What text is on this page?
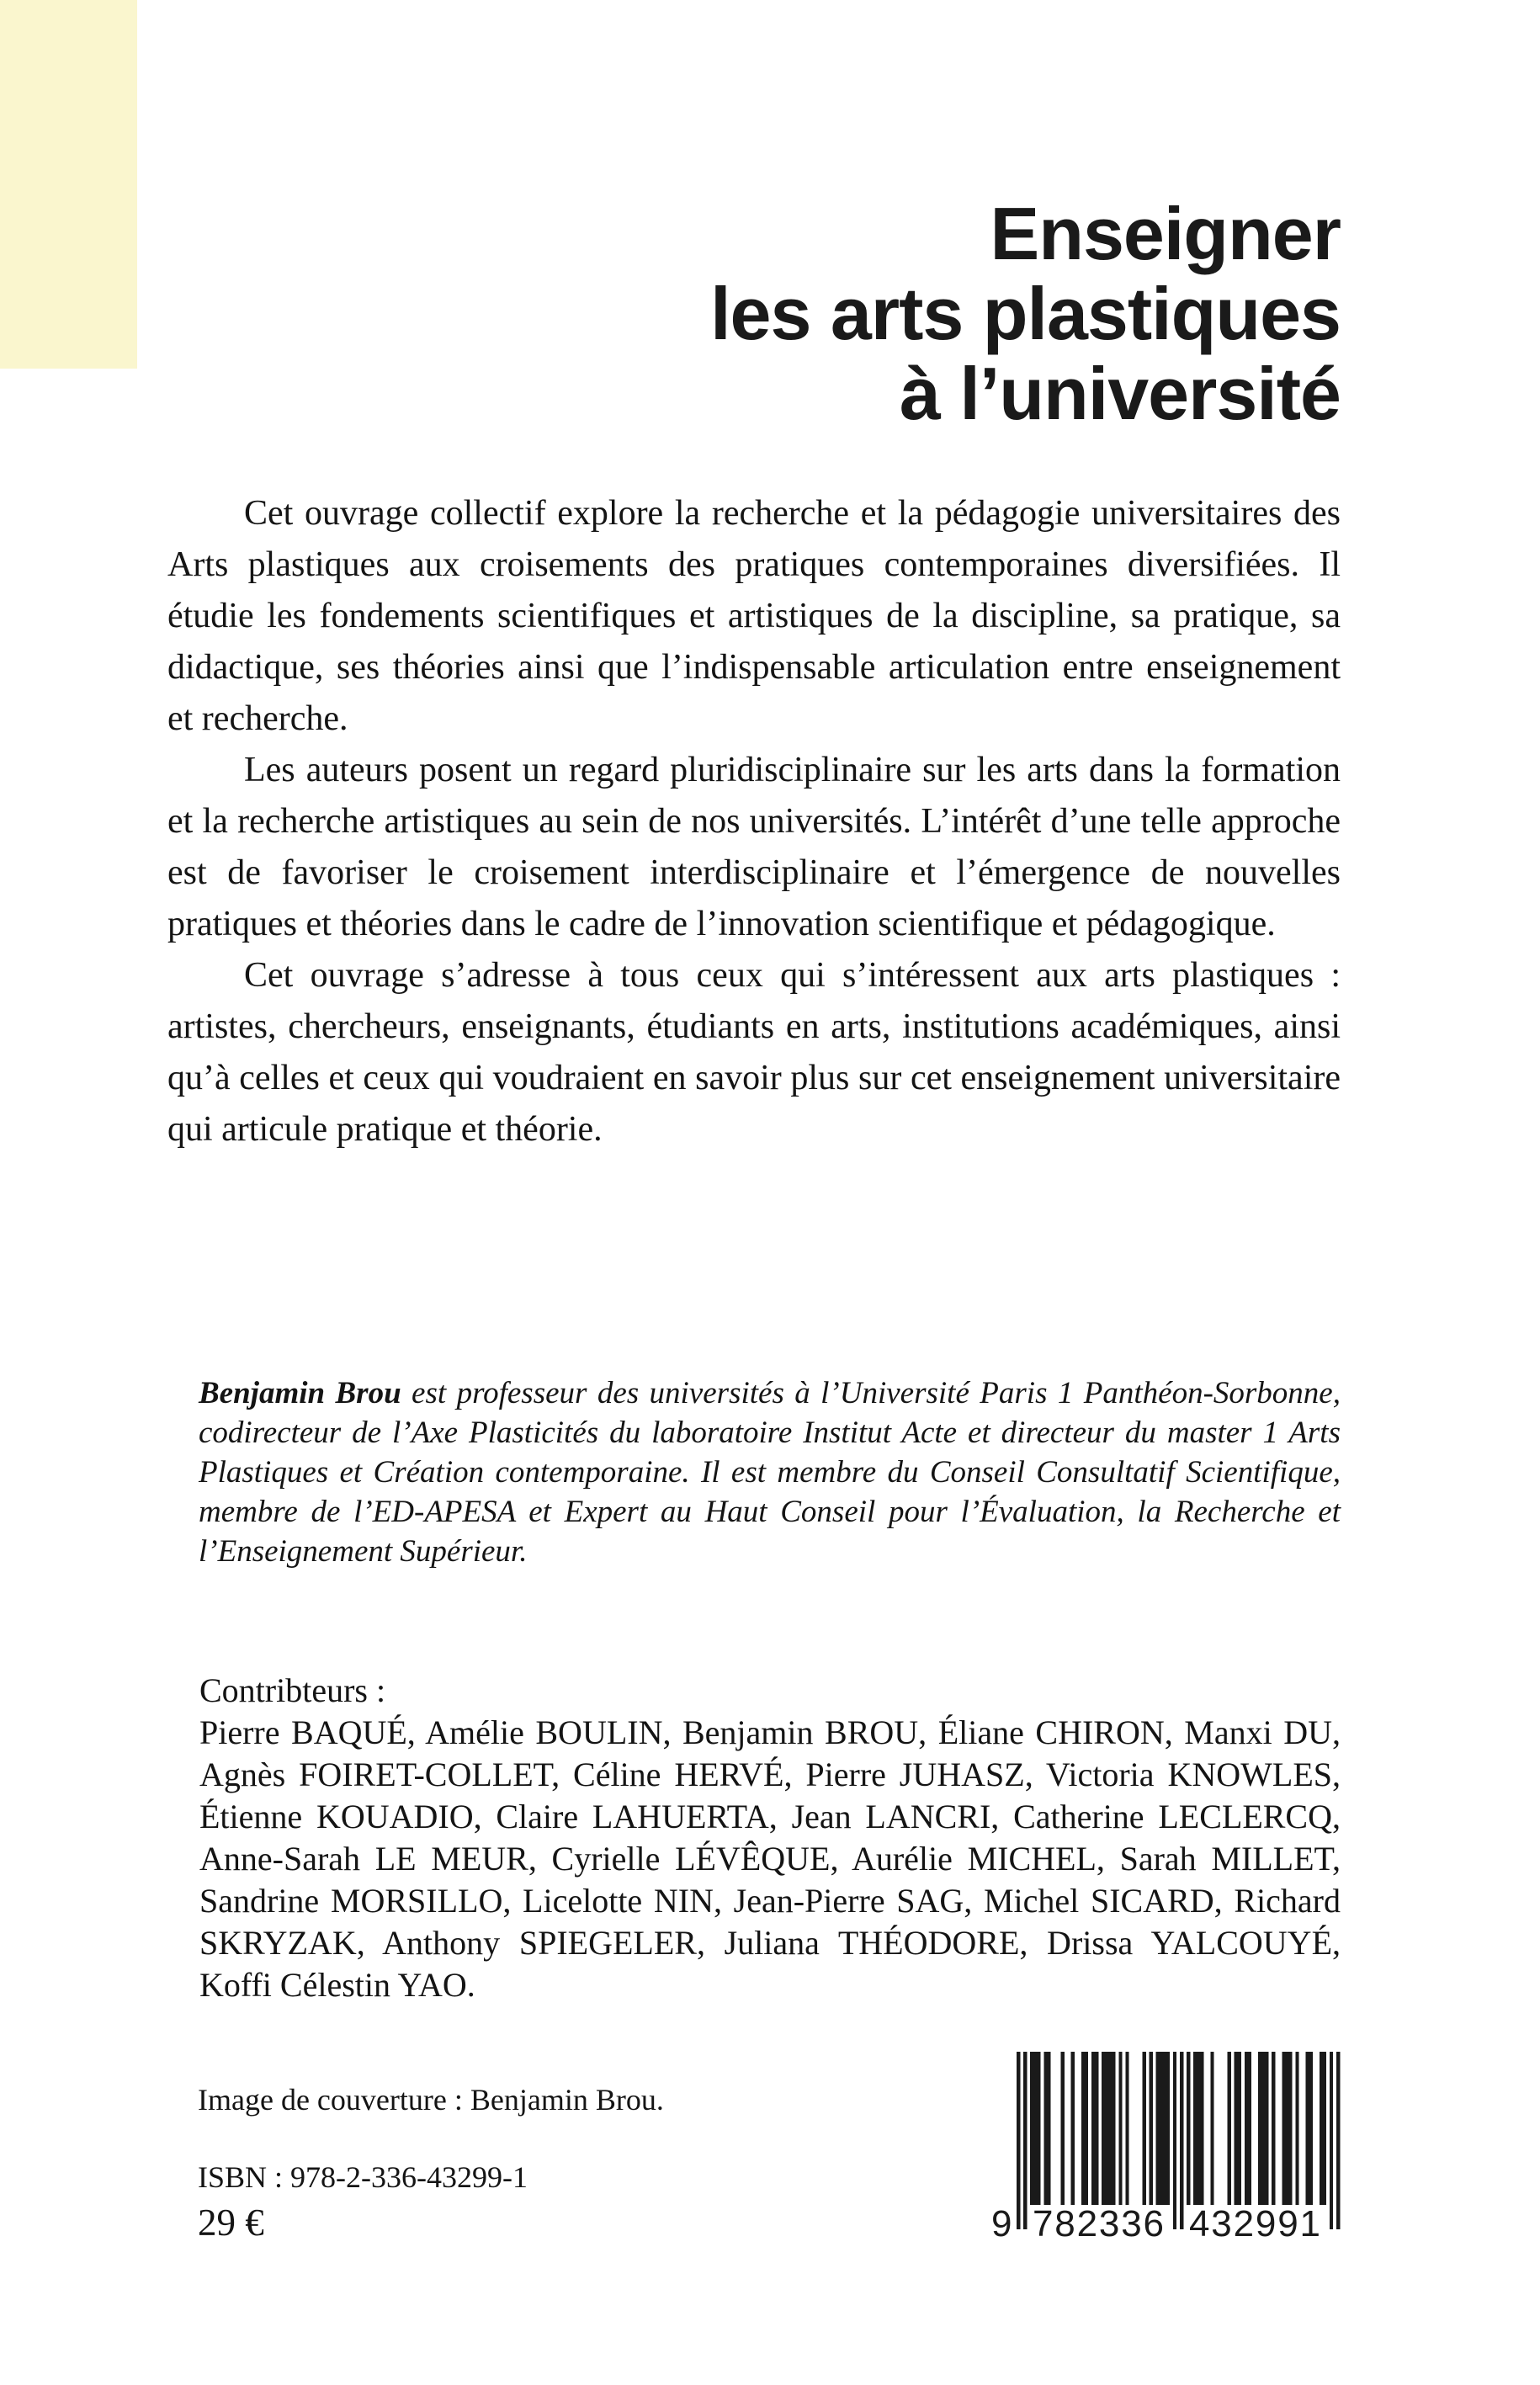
Enseigner
les arts plastiques
à l’université

Cet ouvrage collectif explore la recherche et la pédagogie universitaires des Arts plastiques aux croisements des pratiques contemporaines diversifiées. Il étudie les fondements scientifiques et artistiques de la discipline, sa pratique, sa didactique, ses théories ainsi que l’indispensable articulation entre enseignement et recherche.

Les auteurs posent un regard pluridisciplinaire sur les arts dans la formation et la recherche artistiques au sein de nos universités. L’intérêt d’une telle approche est de favoriser le croisement interdisciplinaire et l’émergence de nouvelles pratiques et théories dans le cadre de l’innovation scientifique et pédagogique.

Cet ouvrage s’adresse à tous ceux qui s’intéressent aux arts plastiques : artistes, chercheurs, enseignants, étudiants en arts, institutions académiques, ainsi qu’à celles et ceux qui voudraient en savoir plus sur cet enseignement universitaire qui articule pratique et théorie.

Benjamin Brou est professeur des universités à l’Université Paris 1 Panthéon-Sorbonne, codirecteur de l’Axe Plasticités du laboratoire Institut Acte et directeur du master 1 Arts Plastiques et Création contemporaine. Il est membre du Conseil Consultatif Scientifique, membre de l’ED-APESA et Expert au Haut Conseil pour l’Évaluation, la Recherche et l’Enseignement Supérieur.

Contribteurs :

Pierre BAQUÉ, Amélie BOULIN, Benjamin BROU, Éliane CHIRON, Manxi DU, Agnès FOIRET-COLLET, Céline HERVÉ, Pierre JUHASZ, Victoria KNOWLES, Étienne KOUADIO, Claire LAHUERTA, Jean LANCRI, Catherine LECLERCQ, Anne-Sarah LE MEUR, Cyrielle LÉVÊQUE, Aurélie MICHEL, Sarah MILLET, Sandrine MORSILLO, Licelotte NIN, Jean-Pierre SAG, Michel SICARD, Richard SKRYZAK, Anthony SPIEGELER, Juliana THÉODORE, Drissa YALCOUYÉ, Koffi Célestin YAO.

Image de couverture : Benjamin Brou.
ISBN : 978-2-336-43299-1
29 €	9 782336 432991
